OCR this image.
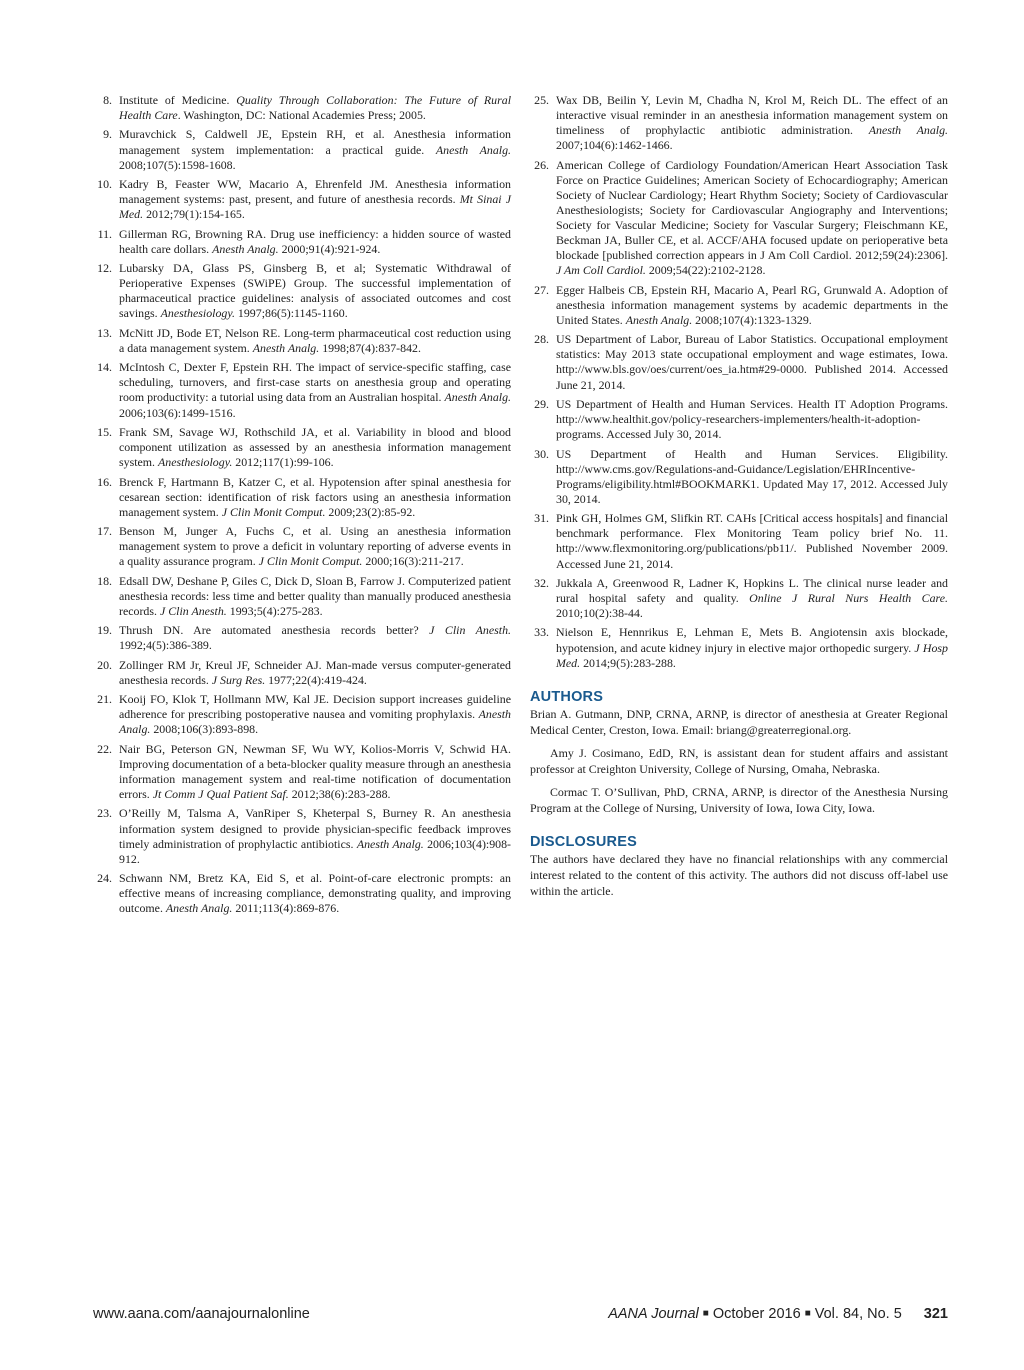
8. Institute of Medicine. Quality Through Collaboration: The Future of Rural Health Care. Washington, DC: National Academies Press; 2005.
9. Muravchick S, Caldwell JE, Epstein RH, et al. Anesthesia information management system implementation: a practical guide. Anesth Analg. 2008;107(5):1598-1608.
10. Kadry B, Feaster WW, Macario A, Ehrenfeld JM. Anesthesia information management systems: past, present, and future of anesthesia records. Mt Sinai J Med. 2012;79(1):154-165.
11. Gillerman RG, Browning RA. Drug use inefficiency: a hidden source of wasted health care dollars. Anesth Analg. 2000;91(4):921-924.
12. Lubarsky DA, Glass PS, Ginsberg B, et al; Systematic Withdrawal of Perioperative Expenses (SWiPE) Group. The successful implementation of pharmaceutical practice guidelines: analysis of associated outcomes and cost savings. Anesthesiology. 1997;86(5):1145-1160.
13. McNitt JD, Bode ET, Nelson RE. Long-term pharmaceutical cost reduction using a data management system. Anesth Analg. 1998;87(4):837-842.
14. McIntosh C, Dexter F, Epstein RH. The impact of service-specific staffing, case scheduling, turnovers, and first-case starts on anesthesia group and operating room productivity: a tutorial using data from an Australian hospital. Anesth Analg. 2006;103(6):1499-1516.
15. Frank SM, Savage WJ, Rothschild JA, et al. Variability in blood and blood component utilization as assessed by an anesthesia information management system. Anesthesiology. 2012;117(1):99-106.
16. Brenck F, Hartmann B, Katzer C, et al. Hypotension after spinal anesthesia for cesarean section: identification of risk factors using an anesthesia information management system. J Clin Monit Comput. 2009;23(2):85-92.
17. Benson M, Junger A, Fuchs C, et al. Using an anesthesia information management system to prove a deficit in voluntary reporting of adverse events in a quality assurance program. J Clin Monit Comput. 2000;16(3):211-217.
18. Edsall DW, Deshane P, Giles C, Dick D, Sloan B, Farrow J. Computerized patient anesthesia records: less time and better quality than manually produced anesthesia records. J Clin Anesth. 1993;5(4):275-283.
19. Thrush DN. Are automated anesthesia records better? J Clin Anesth. 1992;4(5):386-389.
20. Zollinger RM Jr, Kreul JF, Schneider AJ. Man-made versus computer-generated anesthesia records. J Surg Res. 1977;22(4):419-424.
21. Kooij FO, Klok T, Hollmann MW, Kal JE. Decision support increases guideline adherence for prescribing postoperative nausea and vomiting prophylaxis. Anesth Analg. 2008;106(3):893-898.
22. Nair BG, Peterson GN, Newman SF, Wu WY, Kolios-Morris V, Schwid HA. Improving documentation of a beta-blocker quality measure through an anesthesia information management system and real-time notification of documentation errors. Jt Comm J Qual Patient Saf. 2012;38(6):283-288.
23. O’Reilly M, Talsma A, VanRiper S, Kheterpal S, Burney R. An anesthesia information system designed to provide physician-specific feedback improves timely administration of prophylactic antibiotics. Anesth Analg. 2006;103(4):908-912.
24. Schwann NM, Bretz KA, Eid S, et al. Point-of-care electronic prompts: an effective means of increasing compliance, demonstrating quality, and improving outcome. Anesth Analg. 2011;113(4):869-876.
25. Wax DB, Beilin Y, Levin M, Chadha N, Krol M, Reich DL. The effect of an interactive visual reminder in an anesthesia information management system on timeliness of prophylactic antibiotic administration. Anesth Analg. 2007;104(6):1462-1466.
26. American College of Cardiology Foundation/American Heart Association Task Force on Practice Guidelines; American Society of Echocardiography; American Society of Nuclear Cardiology; Heart Rhythm Society; Society of Cardiovascular Anesthesiologists; Society for Cardiovascular Angiography and Interventions; Society for Vascular Medicine; Society for Vascular Surgery; Fleischmann KE, Beckman JA, Buller CE, et al. ACCF/AHA focused update on perioperative beta blockade [published correction appears in J Am Coll Cardiol. 2012;59(24):2306]. J Am Coll Cardiol. 2009;54(22):2102-2128.
27. Egger Halbeis CB, Epstein RH, Macario A, Pearl RG, Grunwald A. Adoption of anesthesia information management systems by academic departments in the United States. Anesth Analg. 2008;107(4):1323-1329.
28. US Department of Labor, Bureau of Labor Statistics. Occupational employment statistics: May 2013 state occupational employment and wage estimates, Iowa. http://www.bls.gov/oes/current/oes_ia.htm#29-0000. Published 2014. Accessed June 21, 2014.
29. US Department of Health and Human Services. Health IT Adoption Programs. http://www.healthit.gov/policy-researchers-implementers/health-it-adoption-programs. Accessed July 30, 2014.
30. US Department of Health and Human Services. Eligibility. http://www.cms.gov/Regulations-and-Guidance/Legislation/EHRIncentive-Programs/eligibility.html#BOOKMARK1. Updated May 17, 2012. Accessed July 30, 2014.
31. Pink GH, Holmes GM, Slifkin RT. CAHs [Critical access hospitals] and financial benchmark performance. Flex Monitoring Team policy brief No. 11. http://www.flexmonitoring.org/publications/pb11/. Published November 2009. Accessed June 21, 2014.
32. Jukkala A, Greenwood R, Ladner K, Hopkins L. The clinical nurse leader and rural hospital safety and quality. Online J Rural Nurs Health Care. 2010;10(2):38-44.
33. Nielson E, Hennrikus E, Lehman E, Mets B. Angiotensin axis blockade, hypotension, and acute kidney injury in elective major orthopedic surgery. J Hosp Med. 2014;9(5):283-288.
AUTHORS

Brian A. Gutmann, DNP, CRNA, ARNP, is director of anesthesia at Greater Regional Medical Center, Creston, Iowa. Email: briang@greaterregional.org.

Amy J. Cosimano, EdD, RN, is assistant dean for student affairs and assistant professor at Creighton University, College of Nursing, Omaha, Nebraska.

Cormac T. O’Sullivan, PhD, CRNA, ARNP, is director of the Anesthesia Nursing Program at the College of Nursing, University of Iowa, Iowa City, Iowa.

DISCLOSURES

The authors have declared they have no financial relationships with any commercial interest related to the content of this activity. The authors did not discuss off-label use within the article.

www.aana.com/aanajournalonline	AANA Journal ■ October 2016 ■ Vol. 84, No. 5 321
